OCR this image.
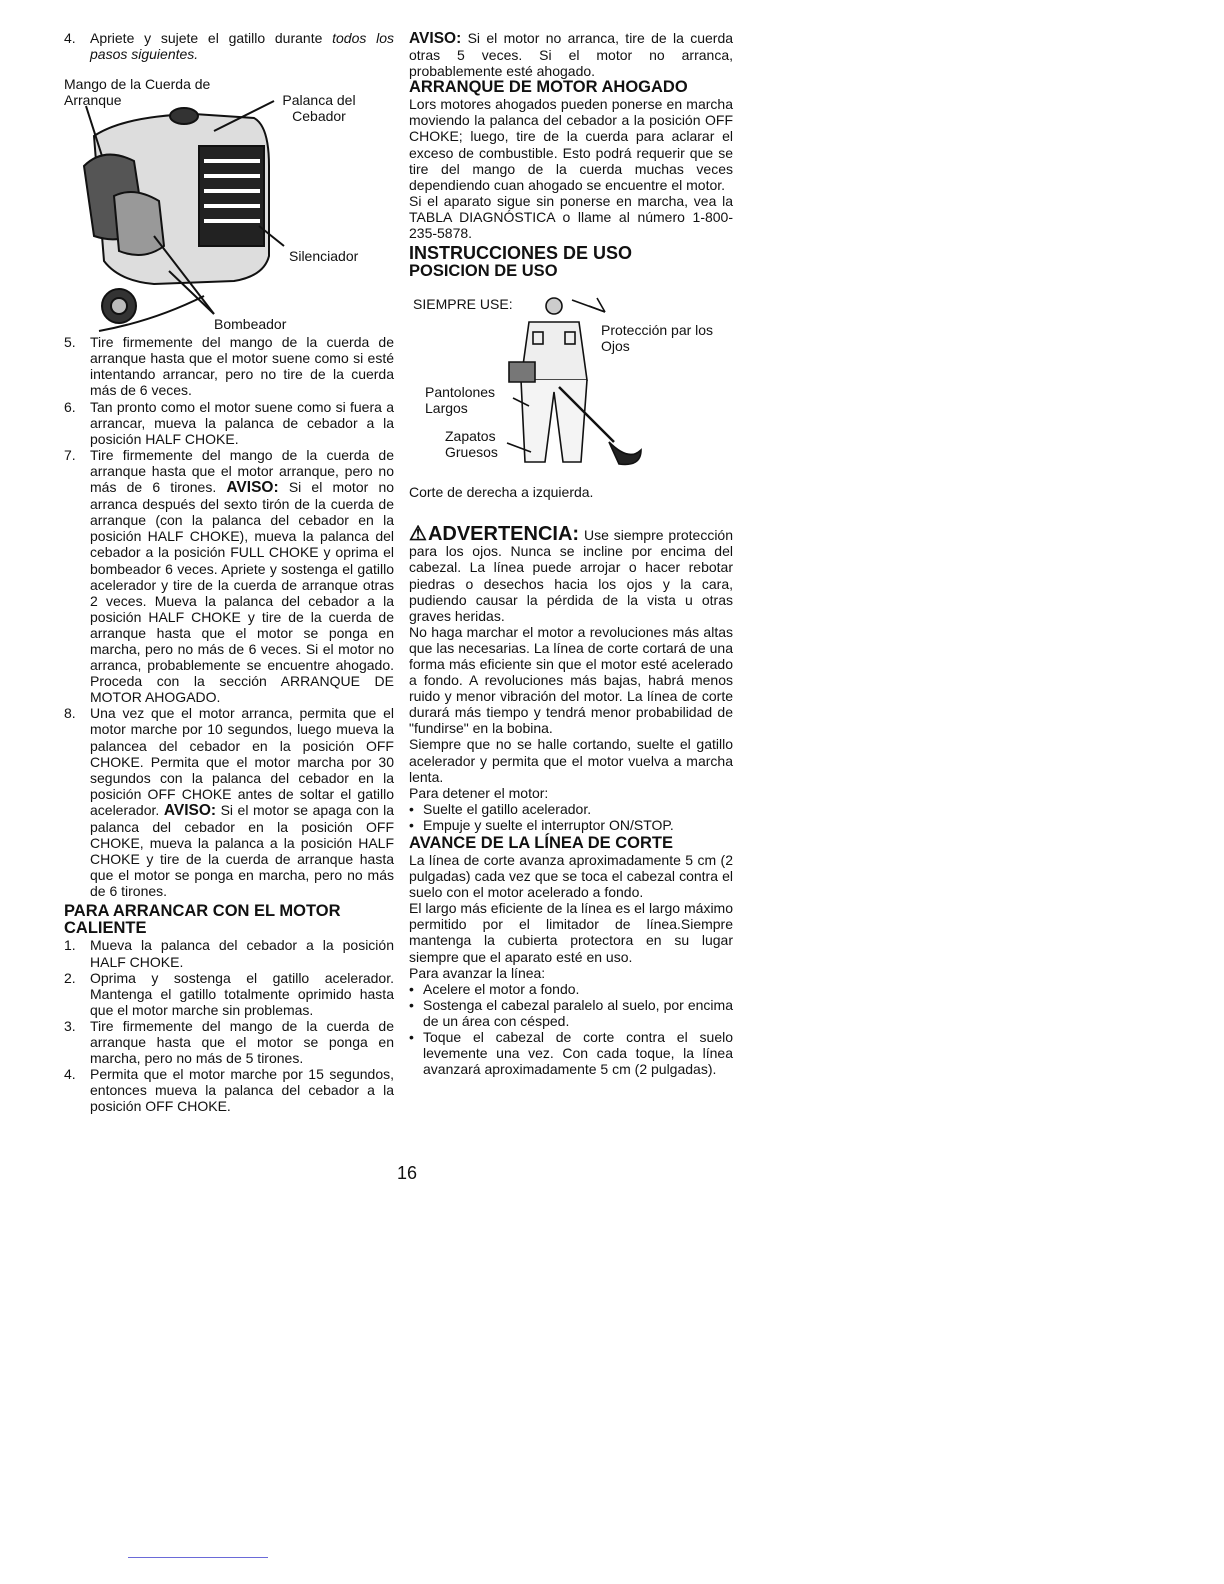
4.	Apriete y sujete el gatillo durante todos los pasos siguientes.
Mango de la Cuerda de Arranque	Palanca del Cebador
Silenciador
Bombeador
5.	Tire firmemente del mango de la cuerda de arranque hasta que el motor suene como si esté intentando arrancar, pero no tire de la cuerda más de 6 veces.
6.	Tan pronto como el motor suene como si fuera a arrancar, mueva la palanca de cebador a la posición HALF CHOKE.
7.	Tire firmemente del mango de la cuerda de arranque hasta que el motor arranque, pero no más de 6 tirones. AVISO: Si el motor no arranca después del sexto tirón de la cuerda de arranque (con la palanca del cebador en la posición HALF CHOKE), mueva la palanca del cebador a la posición FULL CHOKE y oprima el bombeador 6 veces. Apriete y sostenga el gatillo acelerador y tire de la cuerda de arranque otras 2 veces. Mueva la palanca del cebador a la posición HALF CHOKE y tire de la cuerda de arranque hasta que el motor se ponga en marcha, pero no más de 6 veces. Si el motor no arranca, probablemente se encuentre ahogado. Proceda con la sección ARRANQUE DE MOTOR AHOGADO.
8.	Una vez que el motor arranca, permita que el motor marche por 10 segundos, luego mueva la palancea del cebador en la posición OFF CHOKE. Permita que el motor marcha por 30 segundos con la palanca del cebador en la posición OFF CHOKE antes de soltar el gatillo acelerador. AVISO: Si el motor se apaga con la palanca del cebador en la posición OFF CHOKE, mueva la palanca a la posición HALF CHOKE y tire de la cuerda de arranque hasta que el motor se ponga en marcha, pero no más de 6 tirones.
PARA ARRANCAR CON EL MOTOR CALIENTE
1.	Mueva la palanca del cebador a la posición HALF CHOKE.
2.	Oprima y sostenga el gatillo acelerador. Mantenga el gatillo totalmente oprimido hasta que el motor marche sin problemas.
3.	Tire firmemente del mango de la cuerda de arranque hasta que el motor se ponga en marcha, pero no más de 5 tirones.
4.	Permita que el motor marche por 15 segundos, entonces mueva la palanca del cebador a la posición OFF CHOKE.
AVISO: Si el motor no arranca, tire de la cuerda otras 5 veces. Si el motor no arranca, probablemente esté ahogado.
ARRANQUE DE MOTOR AHOGADO
Lors motores ahogados pueden ponerse en marcha moviendo la palanca del cebador a la posición OFF CHOKE; luego, tire de la cuerda para aclarar el exceso de combustible. Esto podrá requerir que se tire del mango de la cuerda muchas veces dependiendo cuan ahogado se encuentre el motor.
Si el aparato sigue sin ponerse en marcha, vea la TABLA DIAGNÓSTICA o llame al número 1-800-235-5878.
INSTRUCCIONES DE USO
POSICION DE USO
SIEMPRE USE:
Protección par los Ojos
Pantolones Largos
Zapatos Gruesos
Corte de derecha a izquierda.
⚠ADVERTENCIA: Use siempre protección para los ojos. Nunca se incline por encima del cabezal. La línea puede arrojar o hacer rebotar piedras o desechos hacia los ojos y la cara, pudiendo causar la pérdida de la vista u otras graves heridas.
No haga marchar el motor a revoluciones más altas que las necesarias. La línea de corte cortará de una forma más eficiente sin que el motor esté acelerado a fondo. A revoluciones más bajas, habrá menos ruido y menor vibración del motor. La línea de corte durará más tiempo y tendrá menor probabilidad de "fundirse" en la bobina.
Siempre que no se halle cortando, suelte el gatillo acelerador y permita que el motor vuelva a marcha lenta.
Para detener el motor:
• Suelte el gatillo acelerador.
• Empuje y suelte el interruptor ON/STOP.
AVANCE DE LA LÍNEA DE CORTE
La línea de corte avanza aproximadamente 5 cm (2 pulgadas) cada vez que se toca el cabezal contra el suelo con el motor acelerado a fondo.
El largo más eficiente de la línea es el largo máximo permitido por el limitador de línea.Siempre mantenga la cubierta protectora en su lugar siempre que el aparato esté en uso.
Para avanzar la línea:
• Acelere el motor a fondo.
• Sostenga el cabezal paralelo al suelo, por encima de un área con césped.
• Toque el cabezal de corte contra el suelo levemente una vez. Con cada toque, la línea avanzará aproximadamente 5 cm (2 pulgadas).
16
